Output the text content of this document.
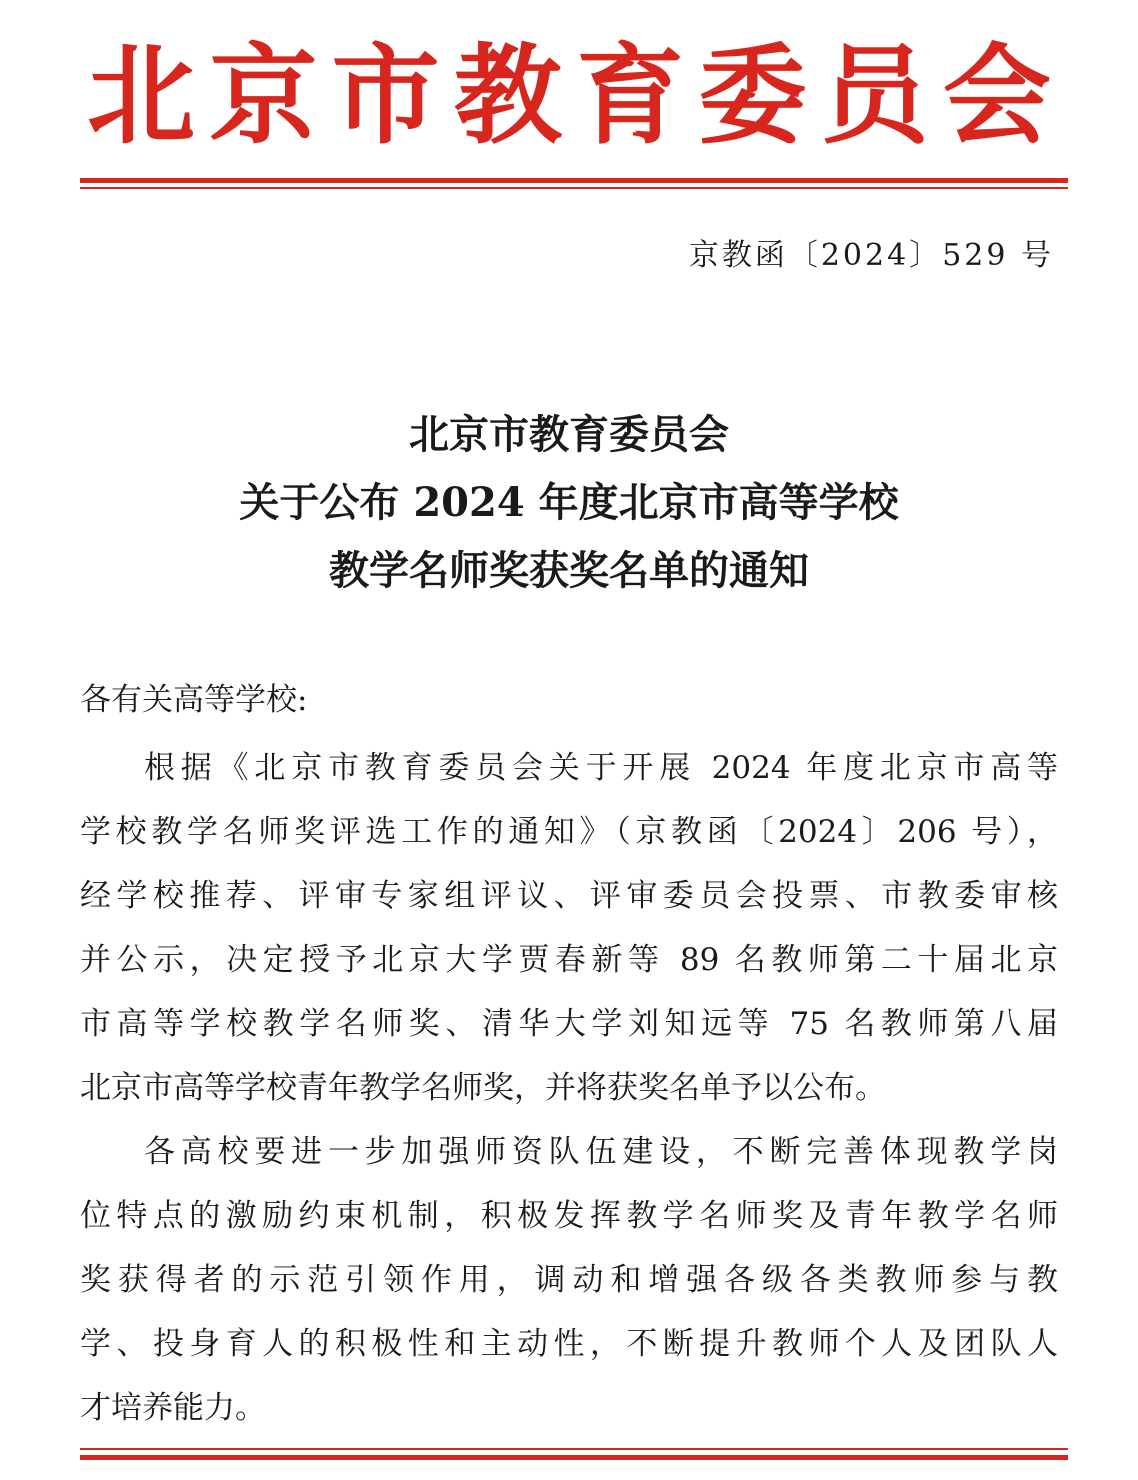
北 京 市 教 育 委 员 会
京教函〔2024〕529 号
北京市教育委员会
关于公布 2024 年度北京市高等学校
教学名师奖获奖名单的通知
各有关高等学校:
根据《北京市教育委员会关于开展 2024 年度北京市高等
学校教学名师奖评选工作的通知》（京教函〔2024〕206 号），
经学校推荐、评审专家组评议、评审委员会投票、市教委审核
并公示，决定授予北京大学贾春新等 89 名教师第二十届北京
市高等学校教学名师奖、清华大学刘知远等 75 名教师第八届
北京市高等学校青年教学名师奖，并将获奖名单予以公布。
各高校要进一步加强师资队伍建设，不断完善体现教学岗
位特点的激励约束机制，积极发挥教学名师奖及青年教学名师
奖获得者的示范引领作用，调动和增强各级各类教师参与教
学、投身育人的积极性和主动性，不断提升教师个人及团队人
才培养能力。
